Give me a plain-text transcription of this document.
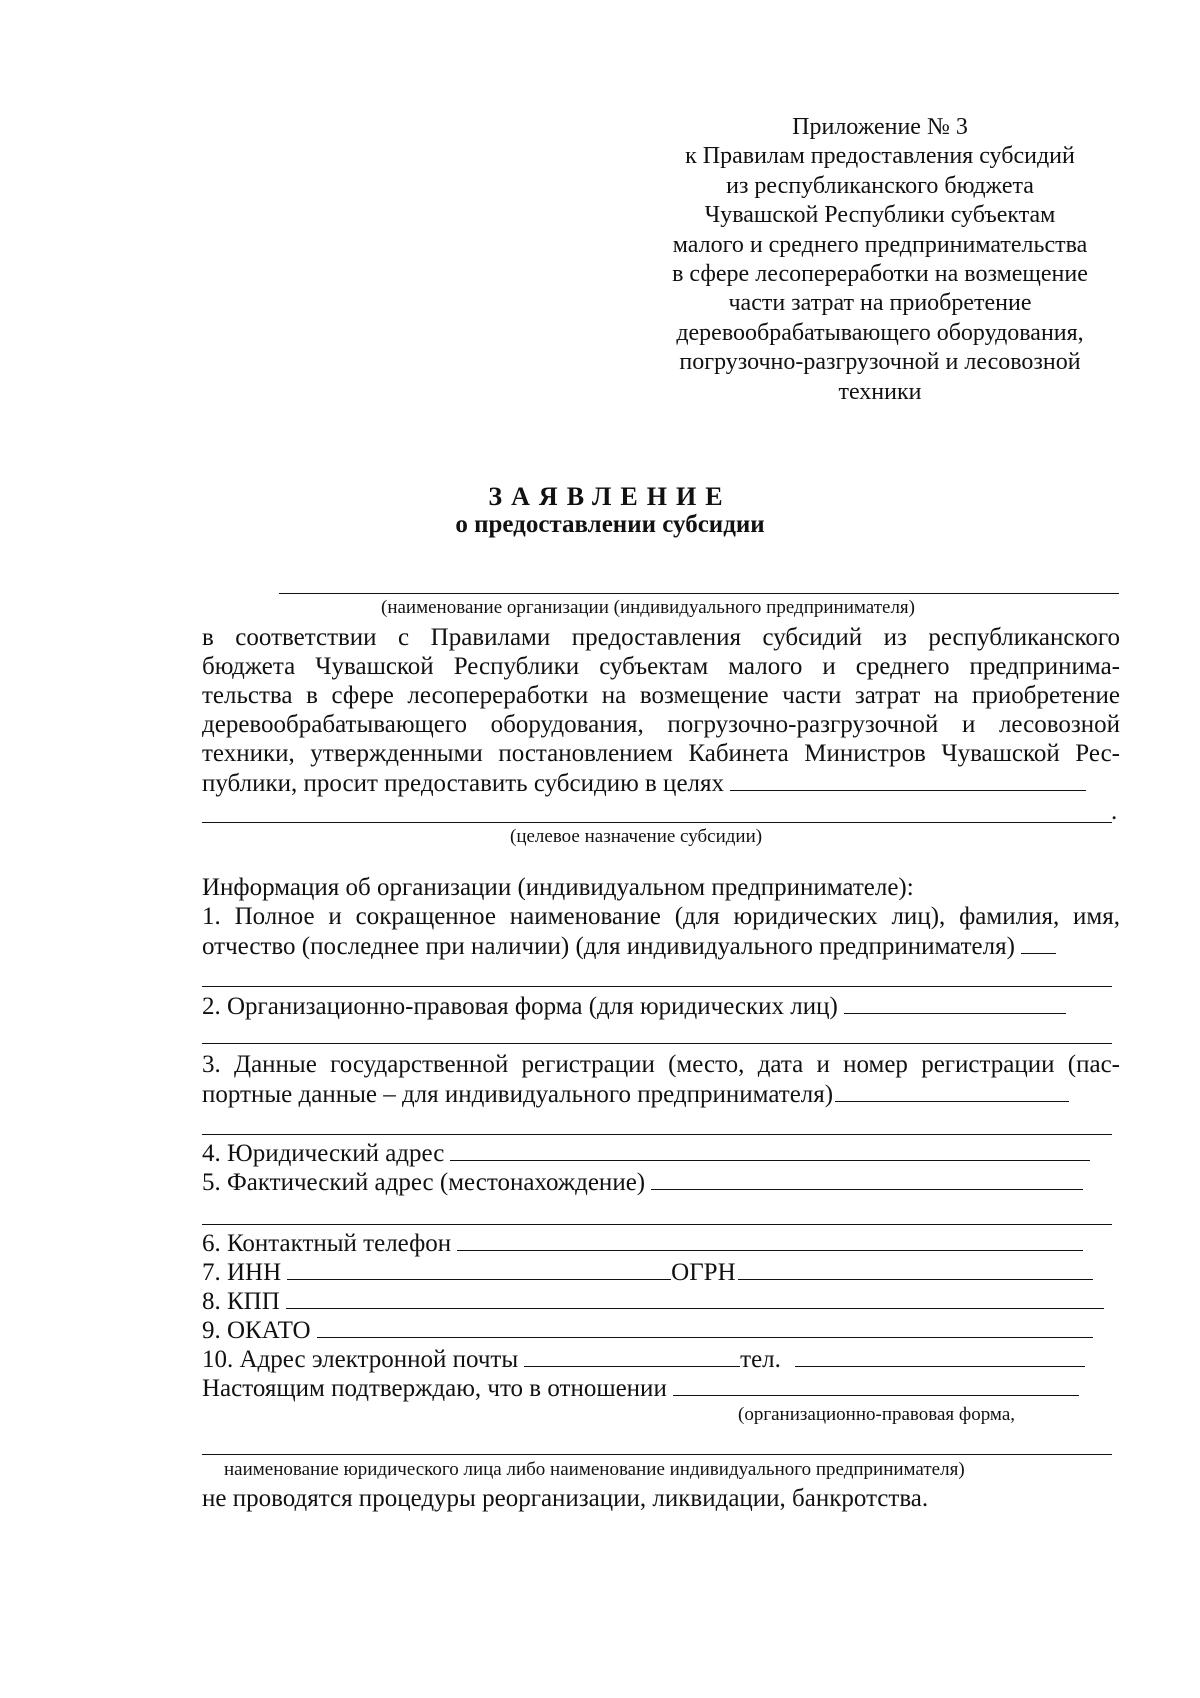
Приложение № 3
к Правилам предоставления субсидий
из республиканского бюджета
Чувашской Республики субъектам
малого и среднего предпринимательства
в сфере лесопереработки на возмещение
части затрат на приобретение
деревообрабатывающего оборудования,
погрузочно-разгрузочной и лесовозной
техники
ЗАЯВЛЕНИЕ
о предоставлении субсидии
(наименование организации (индивидуального предпринимателя)
в соответствии с Правилами предоставления субсидий из республиканского
бюджета Чувашской Республики субъектам малого и среднего предпринима-
тельства в сфере лесопереработки на возмещение части затрат на приобретение
деревообрабатывающего оборудования, погрузочно-разгрузочной и лесовозной
техники, утвержденными постановлением Кабинета Министров Чувашской Рес-
публики, просит предоставить субсидию в целях
.
(целевое назначение субсидии)
Информация об организации (индивидуальном предпринимателе):
1. Полное и сокращенное наименование (для юридических лиц), фамилия, имя,
отчество (последнее при наличии) (для индивидуального предпринимателя)
2. Организационно-правовая форма (для юридических лиц)
3. Данные государственной регистрации (место, дата и номер регистрации (пас-
портные данные – для индивидуального предпринимателя)
4. Юридический адрес
5. Фактический адрес (местонахождение)
6. Контактный телефон
7. ИНН	ОГРН
8. КПП
9. ОКАТО
10. Адрес электронной почты	тел.
Настоящим подтверждаю, что в отношении
(организационно-правовая форма,
наименование юридического лица либо наименование индивидуального предпринимателя)
не проводятся процедуры реорганизации, ликвидации, банкротства.
